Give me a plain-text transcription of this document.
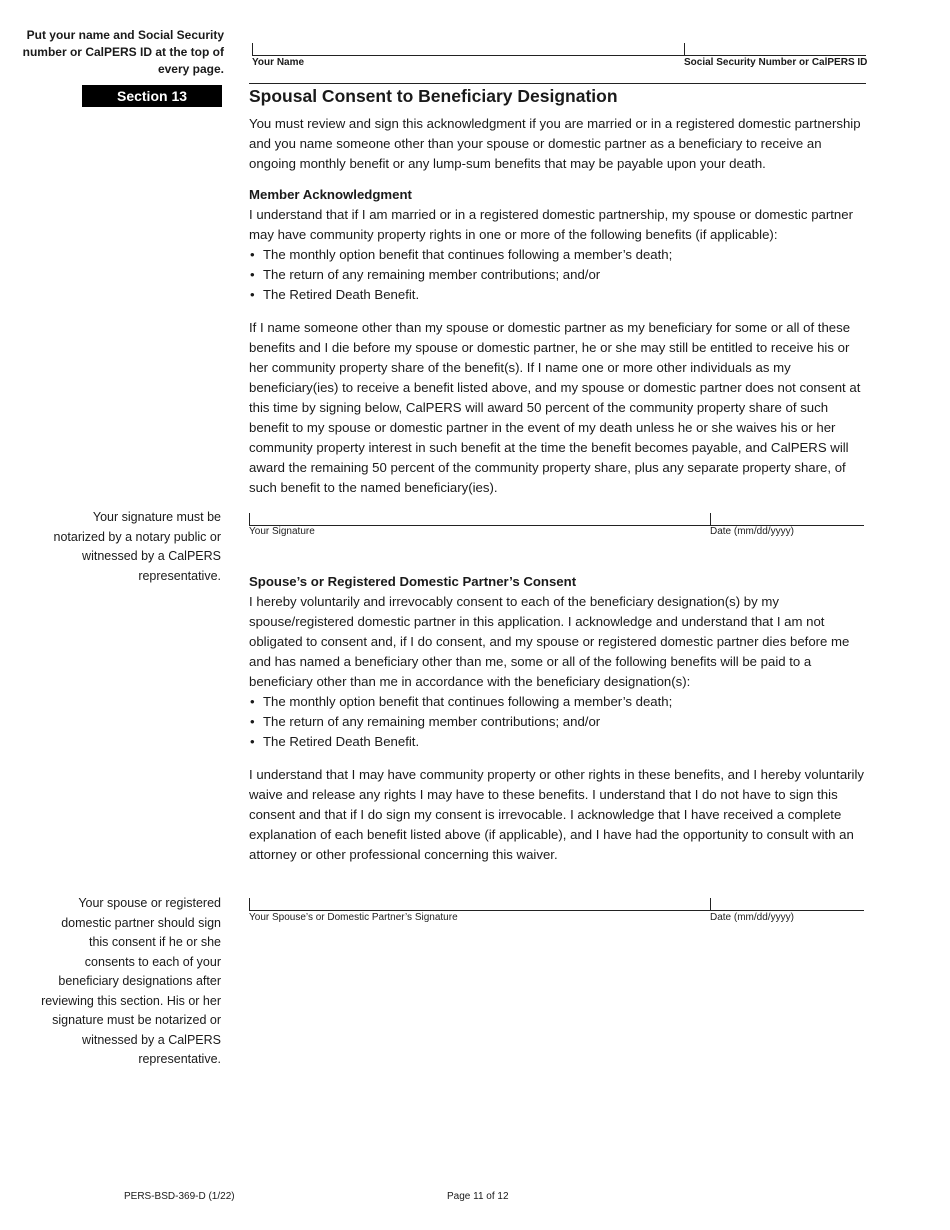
Put your name and Social Security number or CalPERS ID at the top of every page.	Your Name	Social Security Number or CalPERS ID
Section 13	Spousal Consent to Beneficiary Designation

You must review and sign this acknowledgment if you are married or in a registered domestic partnership and you name someone other than your spouse or domestic partner as a beneficiary to receive an ongoing monthly benefit or any lump-sum benefits that may be payable upon your death.

Member Acknowledgment

I understand that if I am married or in a registered domestic partnership, my spouse or domestic partner may have community property rights in one or more of the following benefits (if applicable):

• The monthly option benefit that continues following a member’s death;
• The return of any remaining member contributions; and/or
• The Retired Death Benefit.

If I name someone other than my spouse or domestic partner as my beneficiary for some or all of these benefits and I die before my spouse or domestic partner, he or she may still be entitled to receive his or her community property share of the benefit(s). If I name one or more other individuals as my beneficiary(ies) to receive a benefit listed above, and my spouse or domestic partner does not consent at this time by signing below, CalPERS will award 50 percent of the community property share of such benefit to my spouse or domestic partner in the event of my death unless he or she waives his or her community property interest in such benefit at the time the benefit becomes payable, and CalPERS will award the remaining 50 percent of the community property share, plus any separate property share, of such benefit to the named beneficiary(ies).

Your signature must be notarized by a notary public or witnessed by a CalPERS representative.
Your Signature	Date (mm/dd/yyyy)

Spouse’s or Registered Domestic Partner’s Consent

I hereby voluntarily and irrevocably consent to each of the beneficiary designation(s) by my spouse/registered domestic partner in this application. I acknowledge and understand that I am not obligated to consent and, if I do consent, and my spouse or registered domestic partner dies before me and has named a beneficiary other than me, some or all of the following benefits will be paid to a beneficiary other than me in accordance with the beneficiary designation(s):

• The monthly option benefit that continues following a member’s death;
• The return of any remaining member contributions; and/or
• The Retired Death Benefit.

I understand that I may have community property or other rights in these benefits, and I hereby voluntarily waive and release any rights I may have to these benefits. I understand that I do not have to sign this consent and that if I do sign my consent is irrevocable. I acknowledge that I have received a complete explanation of each benefit listed above (if applicable), and I have had the opportunity to consult with an attorney or other professional concerning this waiver.

Your spouse or registered domestic partner should sign this consent if he or she consents to each of your beneficiary designations after reviewing this section. His or her signature must be notarized or witnessed by a CalPERS representative.
Your Spouse’s or Domestic Partner’s Signature	Date (mm/dd/yyyy)
PERS-BSD-369-D (1/22)	Page 11 of 12
